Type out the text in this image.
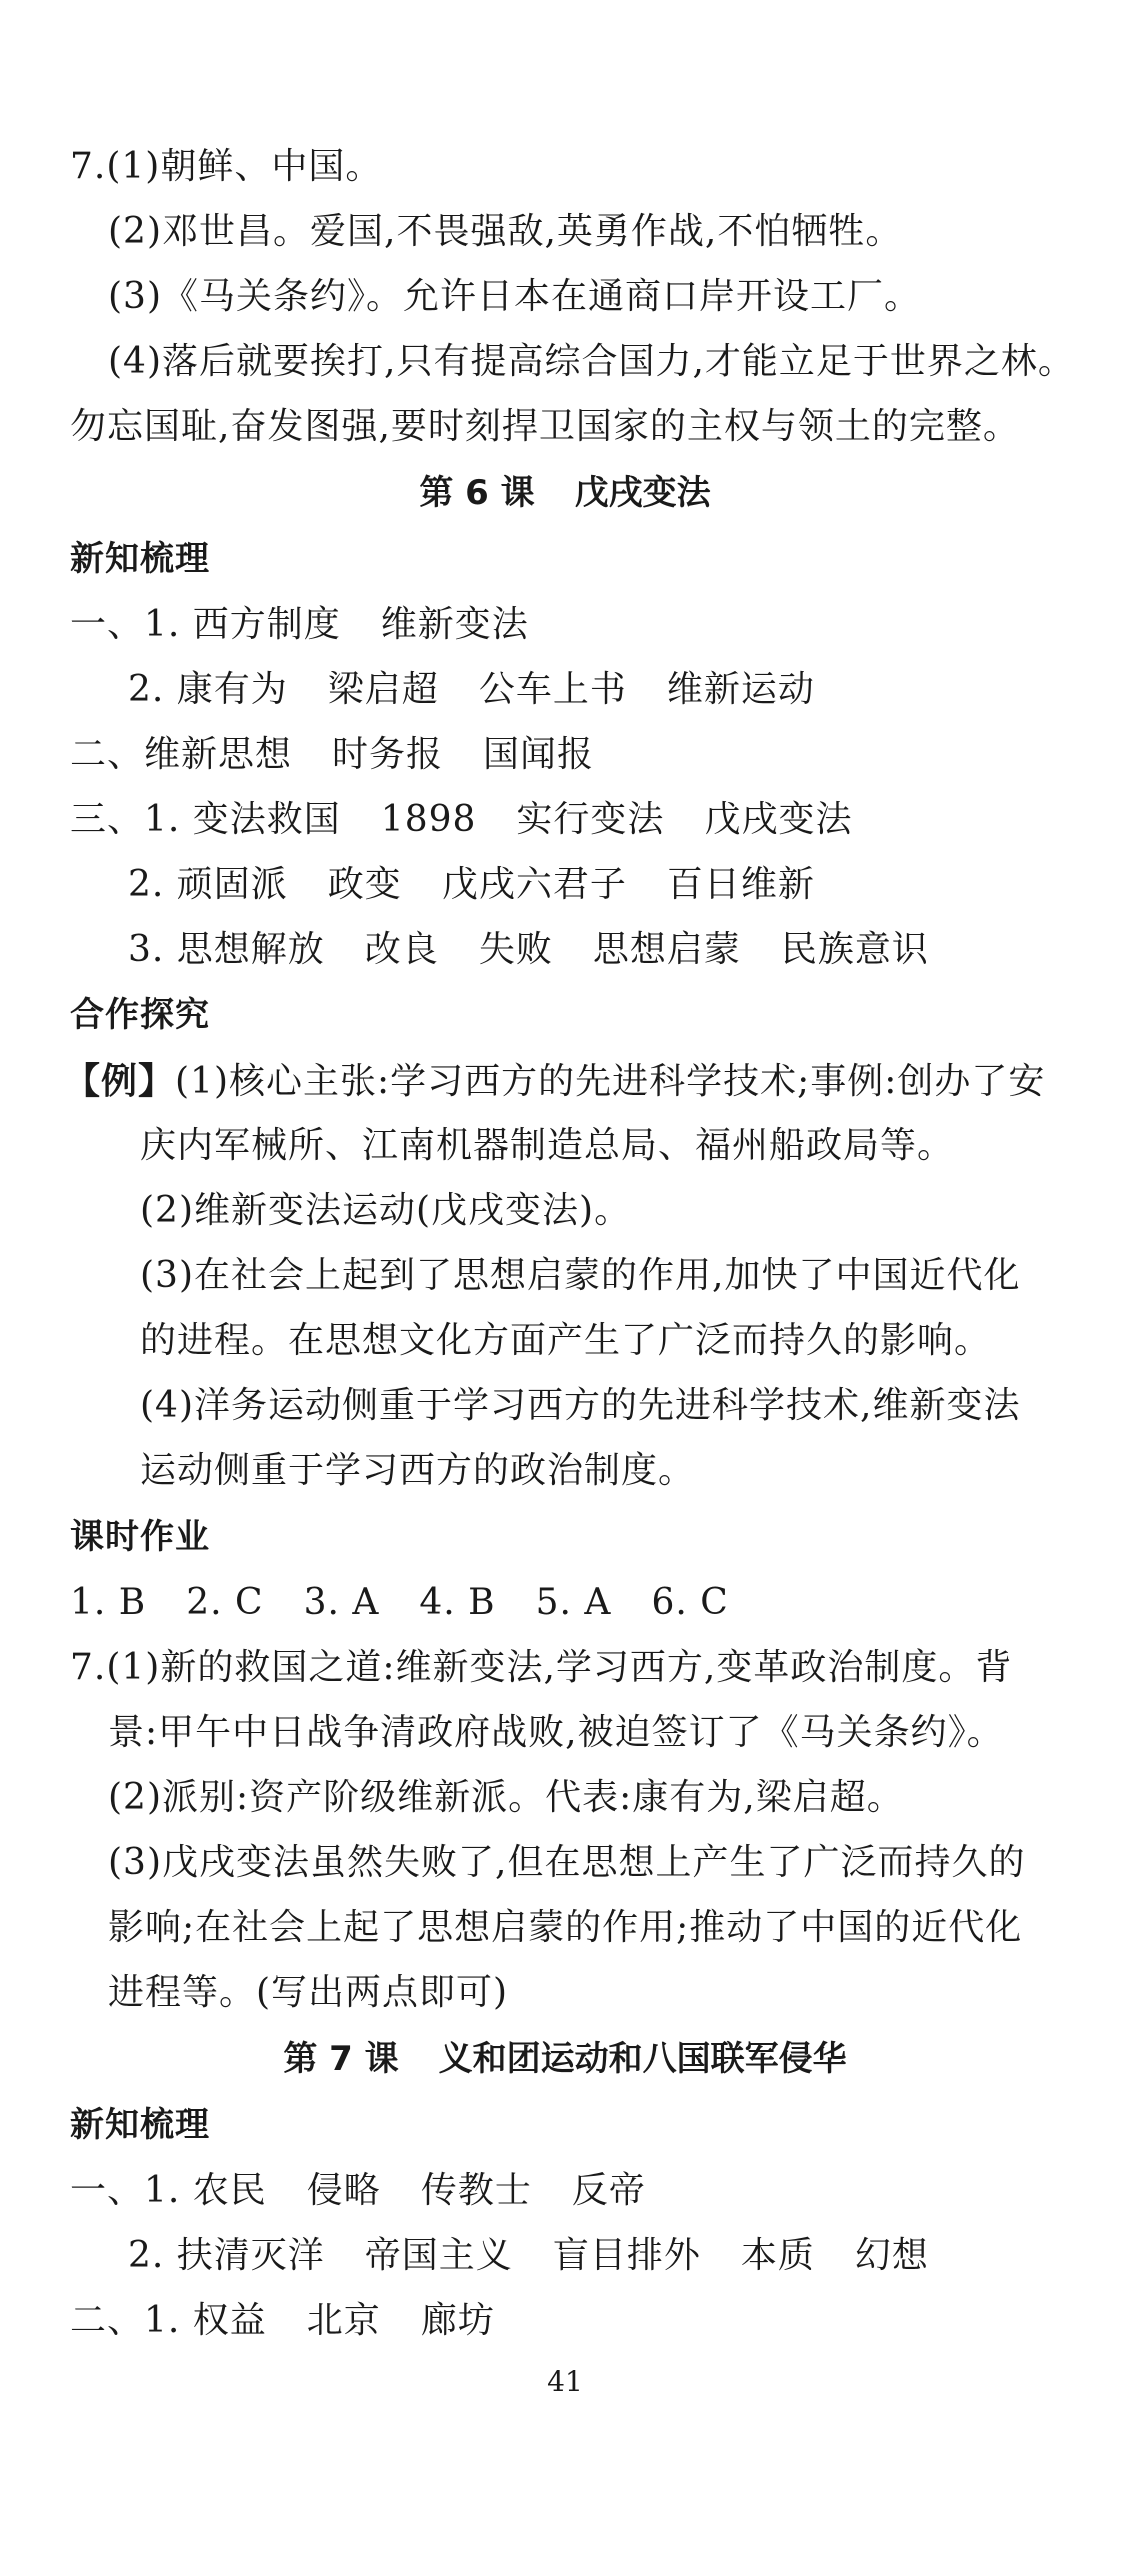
7.(1)朝鲜、中国。
(2)邓世昌。爱国,不畏强敌,英勇作战,不怕牺牲。
(3)《马关条约》。允许日本在通商口岸开设工厂。
(4)落后就要挨打,只有提高综合国力,才能立足于世界之林。
勿忘国耻,奋发图强,要时刻捍卫国家的主权与领土的完整。
第 6 课 戊戌变法
新知梳理
一、1. 西方制度 维新变法
2. 康有为 梁启超 公车上书 维新运动
二、维新思想 时务报 国闻报
三、1. 变法救国 1898 实行变法 戊戌变法
2. 顽固派 政变 戊戌六君子 百日维新
3. 思想解放 改良 失败 思想启蒙 民族意识
合作探究
【例】(1)核心主张:学习西方的先进科学技术;事例:创办了安
庆内军械所、江南机器制造总局、福州船政局等。
(2)维新变法运动(戊戌变法)。
(3)在社会上起到了思想启蒙的作用,加快了中国近代化
的进程。在思想文化方面产生了广泛而持久的影响。
(4)洋务运动侧重于学习西方的先进科学技术,维新变法
运动侧重于学习西方的政治制度。
课时作业
1. B 2. C 3. A 4. B 5. A 6. C
7.(1)新的救国之道:维新变法,学习西方,变革政治制度。背
景:甲午中日战争清政府战败,被迫签订了《马关条约》。
(2)派别:资产阶级维新派。代表:康有为,梁启超。
(3)戊戌变法虽然失败了,但在思想上产生了广泛而持久的
影响;在社会上起了思想启蒙的作用;推动了中国的近代化
进程等。(写出两点即可)
第 7 课 义和团运动和八国联军侵华
新知梳理
一、1. 农民 侵略 传教士 反帝
2. 扶清灭洋 帝国主义 盲目排外 本质 幻想
二、1. 权益 北京 廊坊
41
